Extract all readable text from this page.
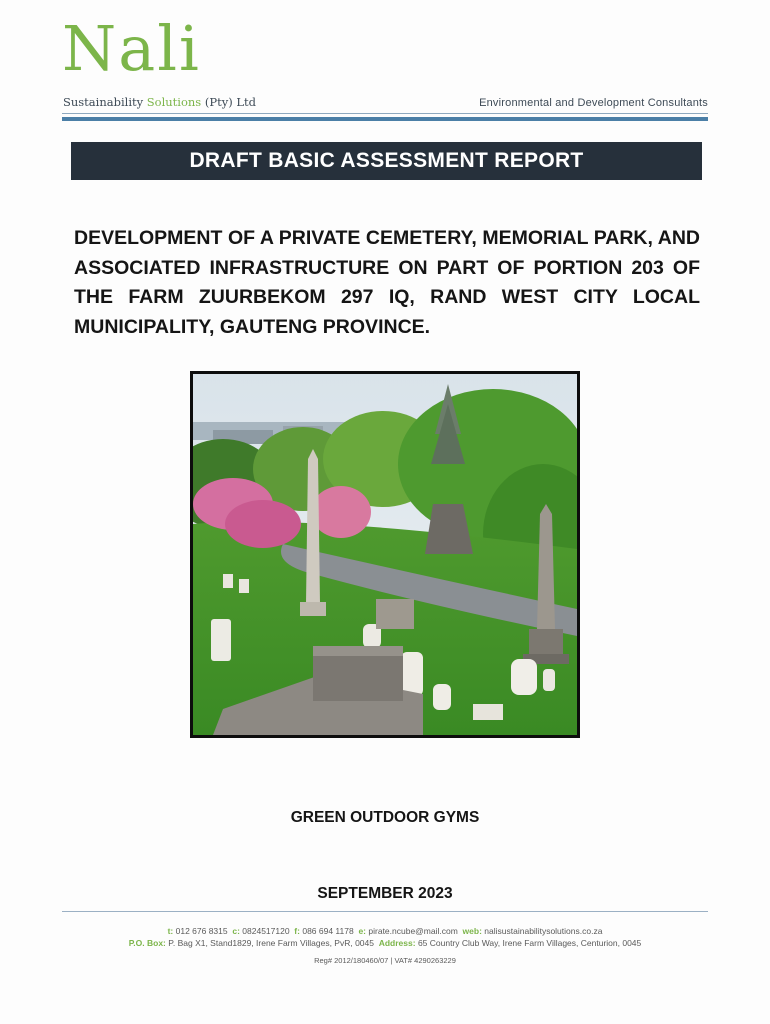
Nali
Sustainability Solutions (Pty) Ltd	Environmental and Development Consultants
DRAFT BASIC ASSESSMENT REPORT
DEVELOPMENT OF A PRIVATE CEMETERY, MEMORIAL PARK, AND ASSOCIATED INFRASTRUCTURE ON PART OF PORTION 203 OF THE FARM ZUURBEKOM 297 IQ, RAND WEST CITY LOCAL MUNICIPALITY, GAUTENG PROVINCE.
GREEN OUTDOOR GYMS
SEPTEMBER 2023
t: 012 676 8315 c: 0824517120 f: 086 694 1178 e: pirate.ncube@mail.com web: nalisustainabilitysolutions.co.za
P.O. Box: P. Bag X1, Stand1829, Irene Farm Villages, PvR, 0045 Address: 65 Country Club Way, Irene Farm Villages, Centurion, 0045
Reg# 2012/180460/07 | VAT# 4290263229
